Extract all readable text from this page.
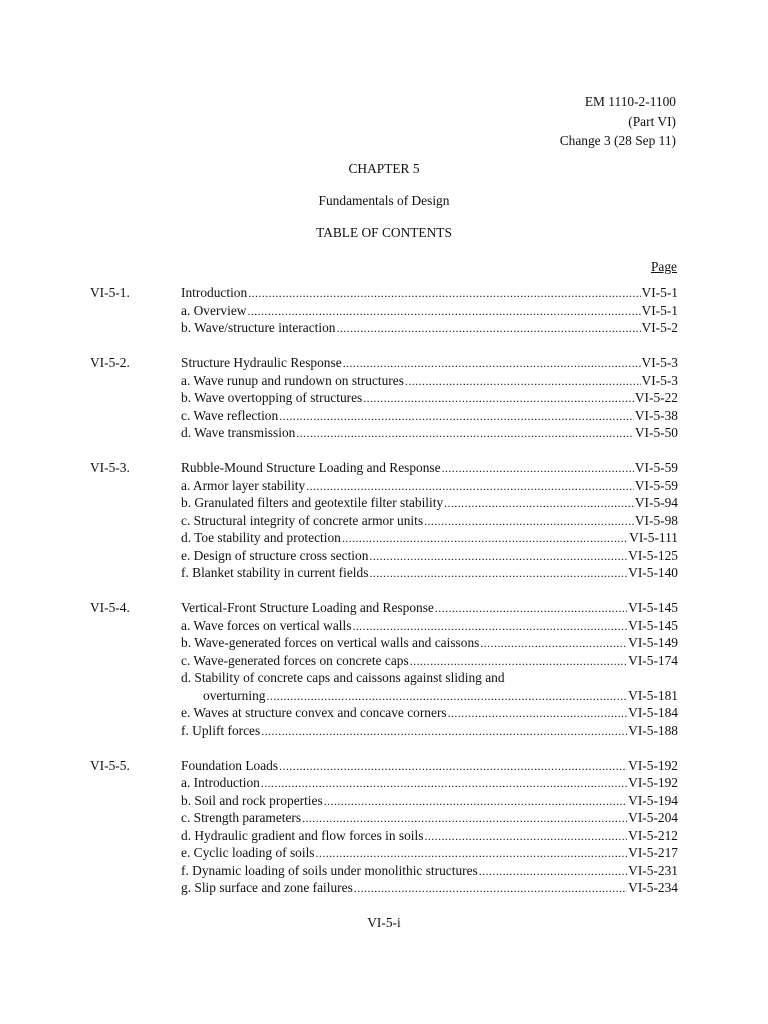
EM 1110-2-1100
(Part VI)
Change 3 (28 Sep 11)
CHAPTER 5
Fundamentals of Design
TABLE OF CONTENTS
Page
VI-5-1.	Introduction .....	VI-5-1
a. Overview .....	VI-5-1
b. Wave/structure interaction .....	VI-5-2
VI-5-2.	Structure Hydraulic Response .....	VI-5-3
a. Wave runup and rundown on structures .....	VI-5-3
b. Wave overtopping of structures .....	VI-5-22
c. Wave reflection .....	VI-5-38
d. Wave transmission .....	VI-5-50
VI-5-3.	Rubble-Mound Structure Loading and Response .....	VI-5-59
a. Armor layer stability .....	VI-5-59
b. Granulated filters and geotextile filter stability .....	VI-5-94
c. Structural integrity of concrete armor units .....	VI-5-98
d. Toe stability and protection .....	VI-5-111
e. Design of structure cross section .....	VI-5-125
f. Blanket stability in current fields .....	VI-5-140
VI-5-4.	Vertical-Front Structure Loading and Response .....	VI-5-145
a. Wave forces on vertical walls .....	VI-5-145
b. Wave-generated forces on vertical walls and caissons .....	VI-5-149
c. Wave-generated forces on concrete caps .....	VI-5-174
d. Stability of concrete caps and caissons against sliding and
overturning .....	VI-5-181
e. Waves at structure convex and concave corners .....	VI-5-184
f. Uplift forces .....	VI-5-188
VI-5-5.	Foundation Loads .....	VI-5-192
a. Introduction .....	VI-5-192
b. Soil and rock properties .....	VI-5-194
c. Strength parameters .....	VI-5-204
d. Hydraulic gradient and flow forces in soils .....	VI-5-212
e. Cyclic loading of soils .....	VI-5-217
f. Dynamic loading of soils under monolithic structures .....	VI-5-231
g. Slip surface and zone failures .....	VI-5-234
VI-5-i
